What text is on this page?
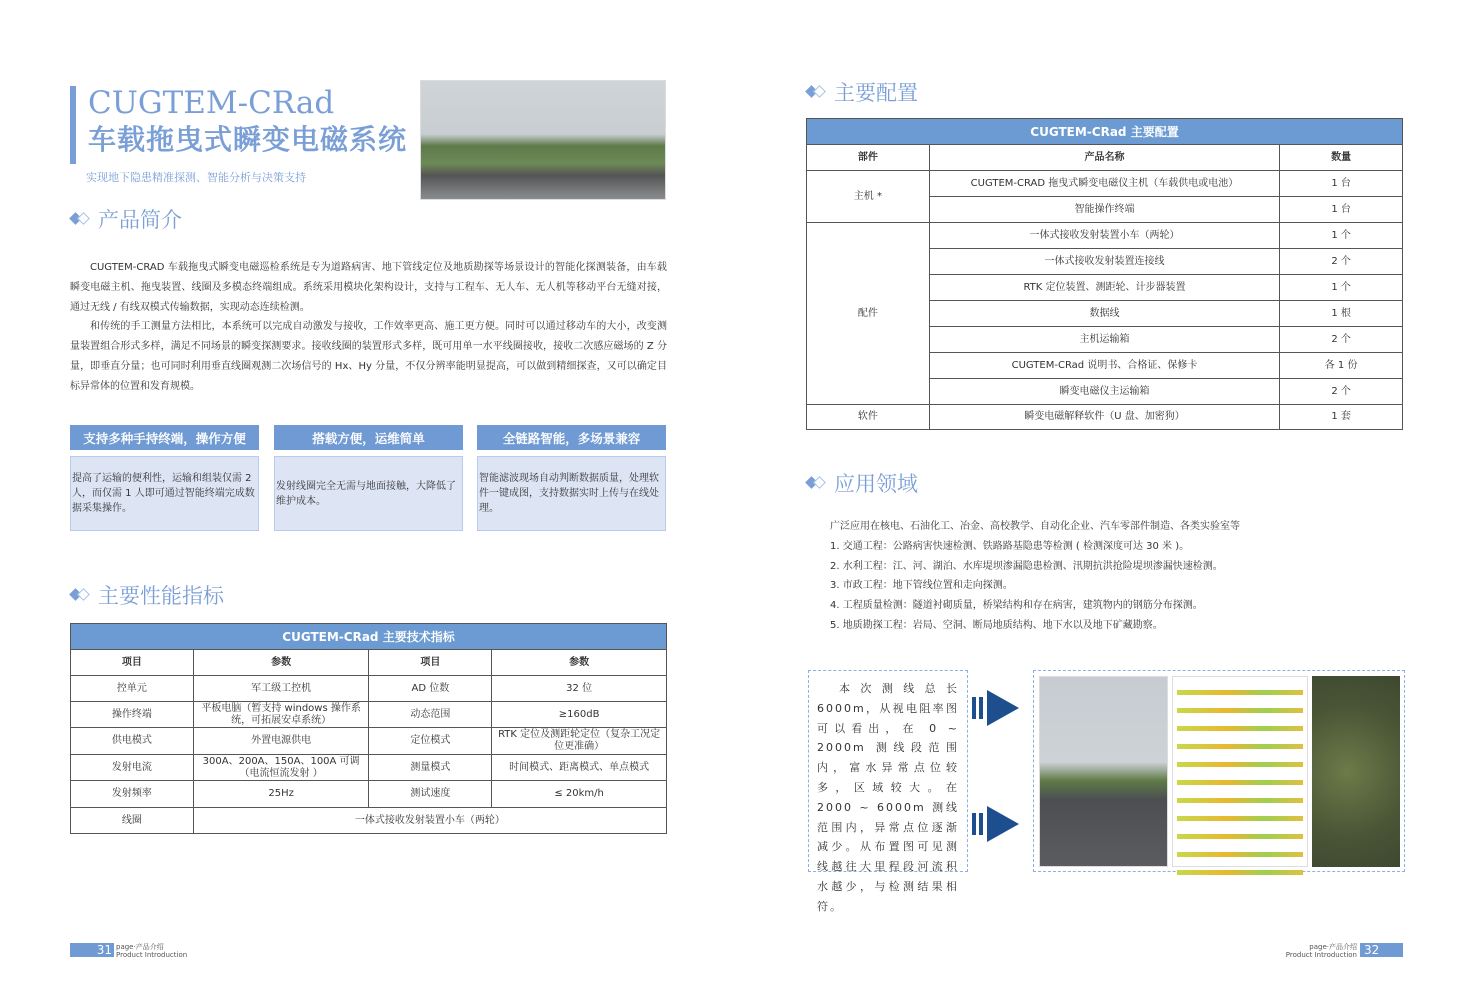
CUGTEM-CRad
车载拖曳式瞬变电磁系统
实现地下隐患精准探测、智能分析与决策支持
产品简介

CUGTEM-CRAD 车载拖曳式瞬变电磁巡检系统是专为道路病害、地下管线定位及地质勘探等场景设计的智能化探测装备，由车载瞬变电磁主机、拖曳装置、线圈及多模态终端组成。系统采用模块化架构设计，支持与工程车、无人车、无人机等移动平台无缝对接，通过无线 / 有线双模式传输数据，实现动态连续检测。

和传统的手工测量方法相比，本系统可以完成自动激发与接收，工作效率更高、施工更方便。同时可以通过移动车的大小，改变测量装置组合形式多样，满足不同场景的瞬变探测要求。接收线圈的装置形式多样，既可用单一水平线圈接收，接收二次感应磁场的 Z 分量，即垂直分量；也可同时利用垂直线圈观测二次场信号的 Hx、Hy 分量，不仅分辨率能明显提高，可以做到精细探查，又可以确定目标异常体的位置和发育规模。

支持多种手持终端，操作方便
提高了运输的便利性，运输和组装仅需 2 人，而仅需 1 人即可通过智能终端完成数据采集操作。
搭载方便，运维简单
发射线圈完全无需与地面接触，大降低了维护成本。
全链路智能，多场景兼容
智能滤波现场自动判断数据质量，处理软件一键成图，支持数据实时上传与在线处理。
主要性能指标
CUGTEM-CRad 主要技术指标			
项目	参数	项目	参数
控单元	军工级工控机	AD 位数	32 位
操作终端	平板电脑（暂支持 windows 操作系统，可拓展安卓系统）	动态范围	≥160dB
供电模式	外置电源供电	定位模式	RTK 定位及测距轮定位（复杂工况定位更准确）
发射电流	300A、200A、150A、100A 可调（电流恒流发射 ）	测量模式	时间模式、距离模式、单点模式
发射频率	25Hz	测试速度	≤ 20km/h
线圈	一体式接收发射装置小车（两轮）		
主要配置
CUGTEM-CRad 主要配置		
部件	产品名称	数量
主机 *	CUGTEM-CRAD 拖曳式瞬变电磁仪主机（车载供电或电池）	1 台
	智能操作终端	1 台
配件	一体式接收发射装置小车（两轮）	1 个
	一体式接收发射装置连接线	2 个
	RTK 定位装置、测距轮、计步器装置	1 个
	数据线	1 根
	主机运输箱	2 个
	CUGTEM-CRad 说明书、合格证、保修卡	各 1 份
	瞬变电磁仪主运输箱	2 个
软件	瞬变电磁解释软件（U 盘、加密狗）	1 套
应用领域
广泛应用在核电、石油化工、冶金、高校教学、自动化企业、汽车零部件制造、各类实验室等
1. 交通工程：公路病害快速检测、铁路路基隐患等检测 ( 检测深度可达 30 米 )。
2. 水利工程：江、河、湖泊、水库堤坝渗漏隐患检测、汛期抗洪抢险堤坝渗漏快速检测。
3. 市政工程：地下管线位置和走向探测。
4. 工程质量检测：隧道衬砌质量，桥梁结构和存在病害，建筑物内的钢筋分布探测。
5. 地质勘探工程：岩局、空洞、断局地质结构、地下水以及地下矿藏勘察。
本次测线总长 6000m，从视电阻率图可以看出，在 0 ~ 2000m 测线段范围内，富水异常点位较多，区域较大。在 2000 ~ 6000m 测线范围内，异常点位逐渐减少。从布置图可见测线越往大里程段河流积水越少，与检测结果相符。
31 page·产品介绍
Product Introduction
page·产品介绍
Product Introduction 32
